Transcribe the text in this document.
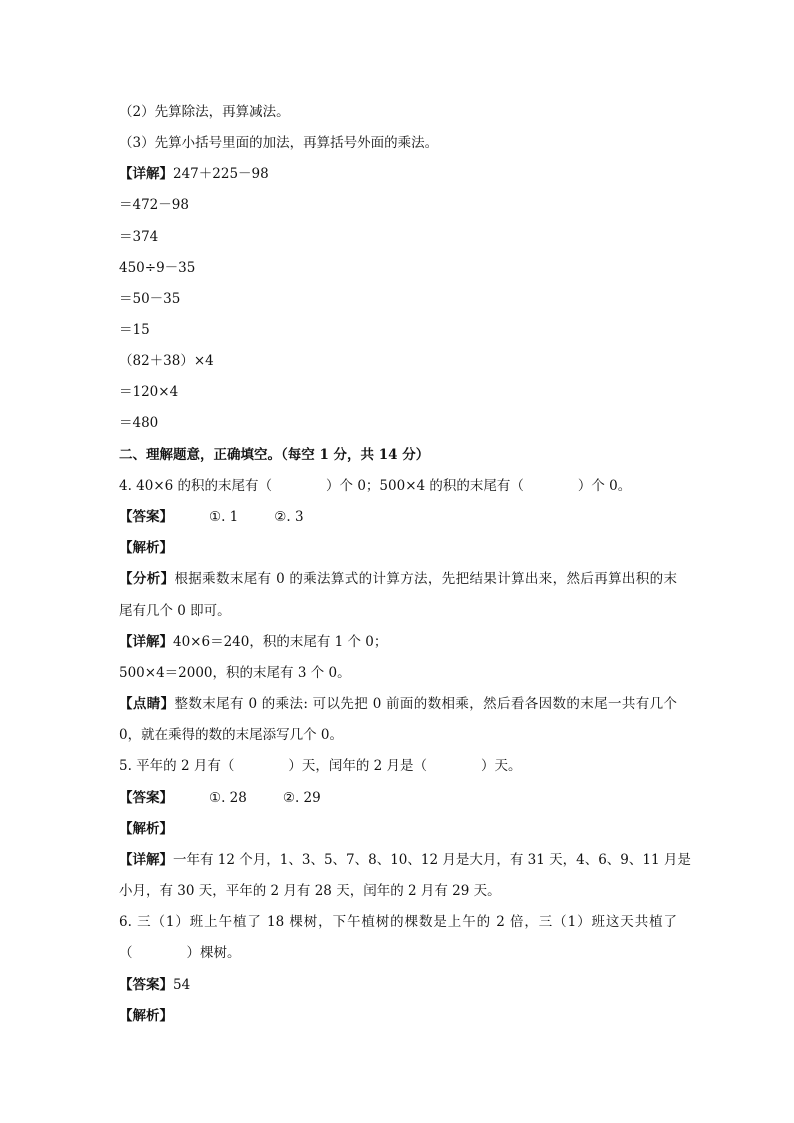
（2）先算除法，再算减法。
（3）先算小括号里面的加法，再算括号外面的乘法。
【详解】247＋225－98
＝472－98
＝374
450÷9－35
＝50－35
＝15
（82＋38）×4
＝120×4
＝480
二、理解题意，正确填空。（每空 1 分，共 14 分）
4. 40×6 的积的末尾有（　　　　）个 0；500×4 的积的末尾有（　　　　）个 0。
【答案】	①. 1	②. 3
【解析】
【分析】根据乘数末尾有 0 的乘法算式的计算方法，先把结果计算出来，然后再算出积的末
尾有几个 0 即可。
【详解】40×6＝240，积的末尾有 1 个 0；
500×4＝2000，积的末尾有 3 个 0。
【点睛】整数末尾有 0 的乘法: 可以先把 0 前面的数相乘，然后看各因数的末尾一共有几个
0，就在乘得的数的末尾添写几个 0。
5. 平年的 2 月有（　　　　）天，闰年的 2 月是（　　　　）天。
【答案】	①. 28	②. 29
【解析】
【详解】一年有 12 个月，1、3、5、7、8、10、12 月是大月，有 31 天，4、6、9、11 月是
小月，有 30 天，平年的 2 月有 28 天，闰年的 2 月有 29 天。
6. 三（1）班上午植了 18 棵树，下午植树的棵数是上午的 2 倍，三（1）班这天共植了
（　　　　）棵树。
【答案】54
【解析】
